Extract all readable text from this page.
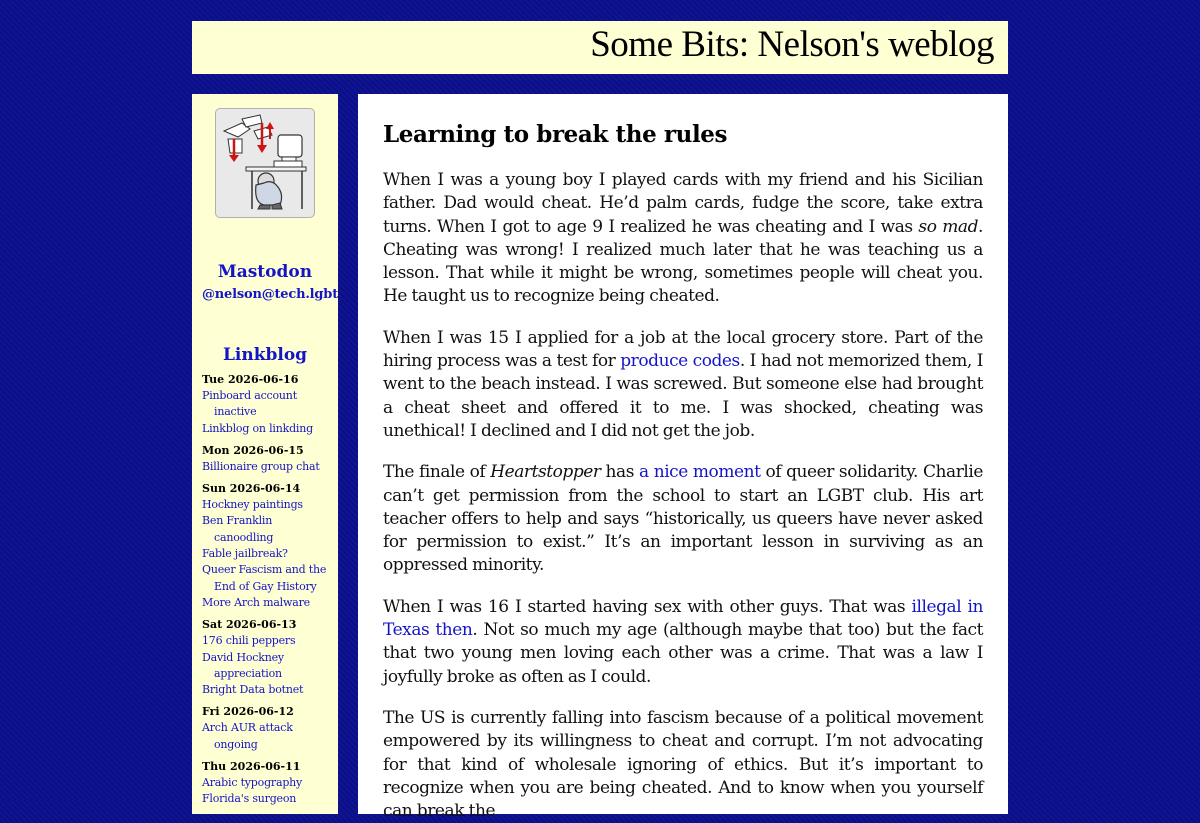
Some Bits: Nelson's weblog
Mastodon
@nelson@tech.lgbt
Linkblog

Tue 2026-06-16

Pinboard account inactive
Linkblog on linkding

Mon 2026-06-15

Billionaire group chat

Sun 2026-06-14

Hockney paintings
Ben Franklin canoodling
Fable jailbreak?
Queer Fascism and the End of Gay History
More Arch malware

Sat 2026-06-13

176 chili peppers
David Hockney appreciation
Bright Data botnet

Fri 2026-06-12

Arch AUR attack ongoing

Thu 2026-06-11

Arabic typography
Florida's surgeon
Learning to break the rules

When I was a young boy I played cards with my friend and his Sicilian father. Dad would cheat. He’d palm cards, fudge the score, take extra turns. When I got to age 9 I realized he was cheating and I was so mad. Cheating was wrong! I realized much later that he was teaching us a lesson. That while it might be wrong, sometimes people will cheat you. He taught us to recognize being cheated.

When I was 15 I applied for a job at the local grocery store. Part of the hiring process was a test for produce codes. I had not memorized them, I went to the beach instead. I was screwed. But someone else had brought a cheat sheet and offered it to me. I was shocked, cheating was unethical! I declined and I did not get the job.

The finale of Heartstopper has a nice moment of queer solidarity. Charlie can’t get permission from the school to start an LGBT club. His art teacher offers to help and says “historically, us queers have never asked for permission to exist.” It’s an important lesson in surviving as an oppressed minority.

When I was 16 I started having sex with other guys. That was illegal in Texas then. Not so much my age (although maybe that too) but the fact that two young men loving each other was a crime. That was a law I joyfully broke as often as I could.

The US is currently falling into fascism because of a political movement empowered by its willingness to cheat and corrupt. I’m not advocating for that kind of wholesale ignoring of ethics. But it’s important to recognize when you are being cheated. And to know when you yourself can break the
